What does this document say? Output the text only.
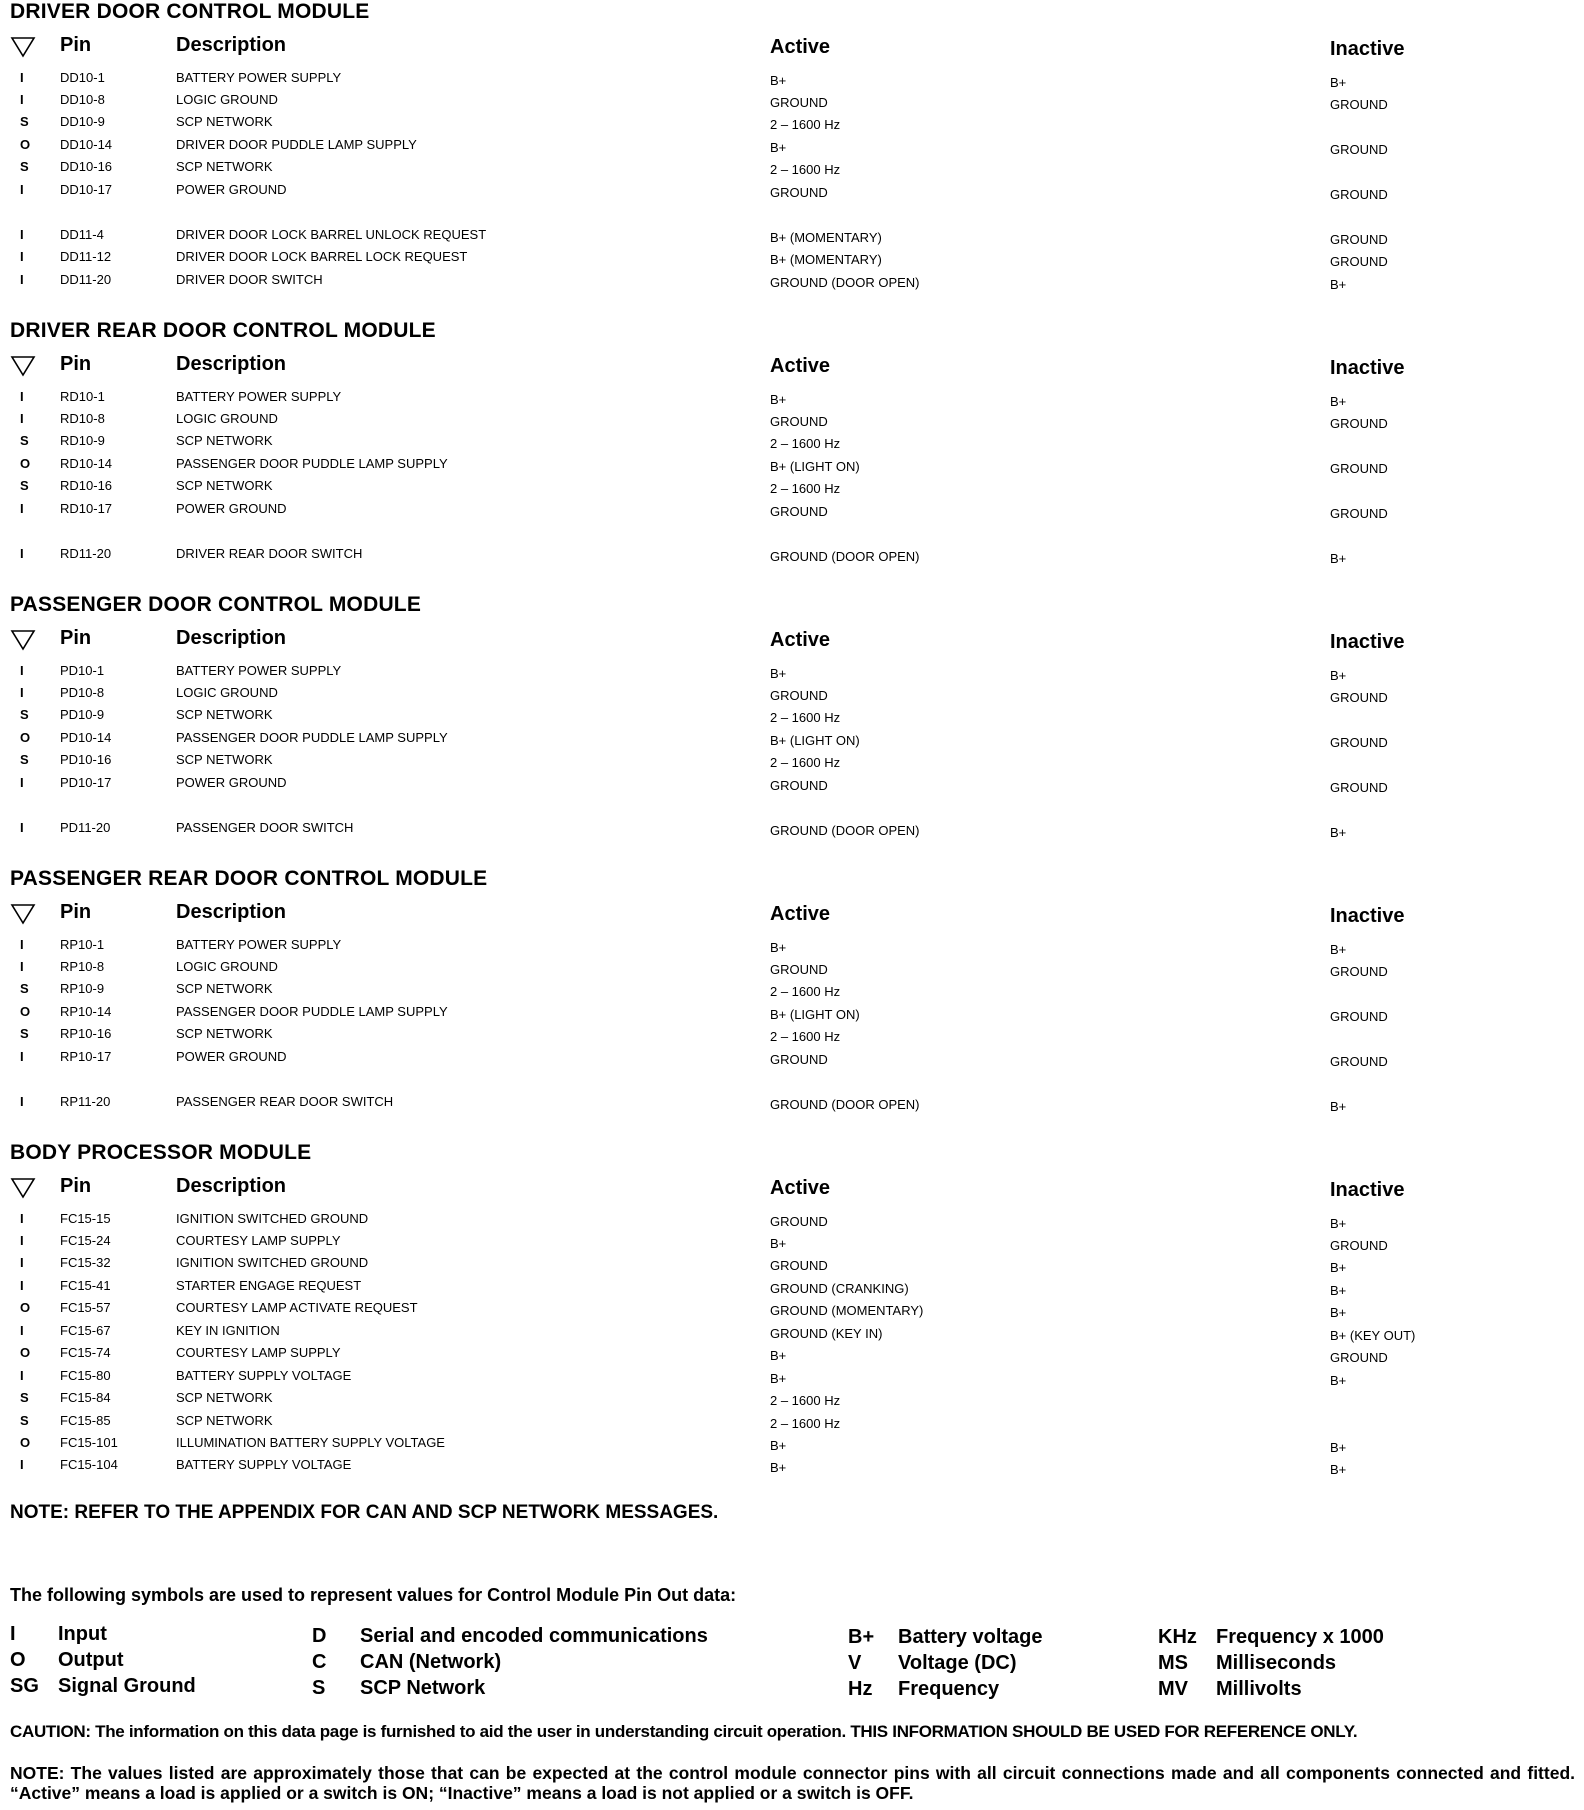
DRIVER DOOR CONTROL MODULE
Pin	Description	Active	Inactive
I	DD10-1	BATTERY POWER SUPPLY	B+	B+
I	DD10-8	LOGIC GROUND	GROUND	GROUND
S DD10-9	SCP NETWORK	2 – 1600 Hz
O DD10-14	DRIVER DOOR PUDDLE LAMP SUPPLY	B+	GROUND
S DD10-16	SCP NETWORK	2 – 1600 Hz
I	DD10-17	POWER GROUND	GROUND	GROUND
I	DD11-4	DRIVER DOOR LOCK BARREL UNLOCK REQUEST	B+ (MOMENTARY)	GROUND
I	DD11-12	DRIVER DOOR LOCK BARREL LOCK REQUEST	B+ (MOMENTARY)	GROUND
I	DD11-20	DRIVER DOOR SWITCH	GROUND (DOOR OPEN)	B+
DRIVER REAR DOOR CONTROL MODULE
Pin	Description	Active	Inactive
I	RD10-1	BATTERY POWER SUPPLY	B+	B+
I	RD10-8	LOGIC GROUND	GROUND	GROUND
S RD10-9	SCP NETWORK	2 – 1600 Hz
O RD10-14	PASSENGER DOOR PUDDLE LAMP SUPPLY	B+ (LIGHT ON)	GROUND
S RD10-16	SCP NETWORK	2 – 1600 Hz
I	RD10-17	POWER GROUND	GROUND	GROUND
I	RD11-20	DRIVER REAR DOOR SWITCH	GROUND (DOOR OPEN)	B+
PASSENGER DOOR CONTROL MODULE
Pin	Description	Active	Inactive
I	PD10-1	BATTERY POWER SUPPLY	B+	B+
I	PD10-8	LOGIC GROUND	GROUND	GROUND
S PD10-9	SCP NETWORK	2 – 1600 Hz
O PD10-14	PASSENGER DOOR PUDDLE LAMP SUPPLY	B+ (LIGHT ON)	GROUND
S PD10-16	SCP NETWORK	2 – 1600 Hz
I	PD10-17	POWER GROUND	GROUND	GROUND
I	PD11-20	PASSENGER DOOR SWITCH	GROUND (DOOR OPEN)	B+
PASSENGER REAR DOOR CONTROL MODULE
Pin	Description	Active	Inactive
I	RP10-1	BATTERY POWER SUPPLY	B+	B+
I	RP10-8	LOGIC GROUND	GROUND	GROUND
S RP10-9	SCP NETWORK	2 – 1600 Hz
O RP10-14	PASSENGER DOOR PUDDLE LAMP SUPPLY	B+ (LIGHT ON)	GROUND
S RP10-16	SCP NETWORK	2 – 1600 Hz
I	RP10-17	POWER GROUND	GROUND	GROUND
I	RP11-20	PASSENGER REAR DOOR SWITCH	GROUND (DOOR OPEN)	B+
BODY PROCESSOR MODULE
Pin	Description	Active	Inactive
I	FC15-15	IGNITION SWITCHED GROUND	GROUND	B+
I	FC15-24	COURTESY LAMP SUPPLY	B+	GROUND
I	FC15-32	IGNITION SWITCHED GROUND	GROUND	B+
I	FC15-41	STARTER ENGAGE REQUEST	GROUND (CRANKING)	B+
O FC15-57	COURTESY LAMP ACTIVATE REQUEST	GROUND (MOMENTARY)	B+
I	FC15-67	KEY IN IGNITION	GROUND (KEY IN)	B+ (KEY OUT)
O FC15-74	COURTESY LAMP SUPPLY	B+	GROUND
I	FC15-80	BATTERY SUPPLY VOLTAGE	B+	B+
S FC15-84	SCP NETWORK	2 – 1600 Hz
S FC15-85	SCP NETWORK	2 – 1600 Hz
O FC15-101	ILLUMINATION BATTERY SUPPLY VOLTAGE	B+	B+
I	FC15-104	BATTERY SUPPLY VOLTAGE	B+	B+
NOTE: REFER TO THE APPENDIX FOR CAN AND SCP NETWORK MESSAGES.
The following symbols are used to represent values for Control Module Pin Out data:
I Input
O Output
SG Signal Ground
D Serial and encoded communications
C CAN (Network)
S SCP Network
B+ Battery voltage
V Voltage (DC)
Hz Frequency
KHz Frequency x 1000
MS Milliseconds
MV Millivolts
CAUTION: The information on this data page is furnished to aid the user in understanding circuit operation. THIS INFORMATION SHOULD BE USED FOR REFERENCE ONLY.
NOTE: The values listed are approximately those that can be expected at the control module connector pins with all circuit connections made and all components connected and fitted. “Active” means a load is applied or a switch is ON; “Inactive” means a load is not applied or a switch is OFF.
